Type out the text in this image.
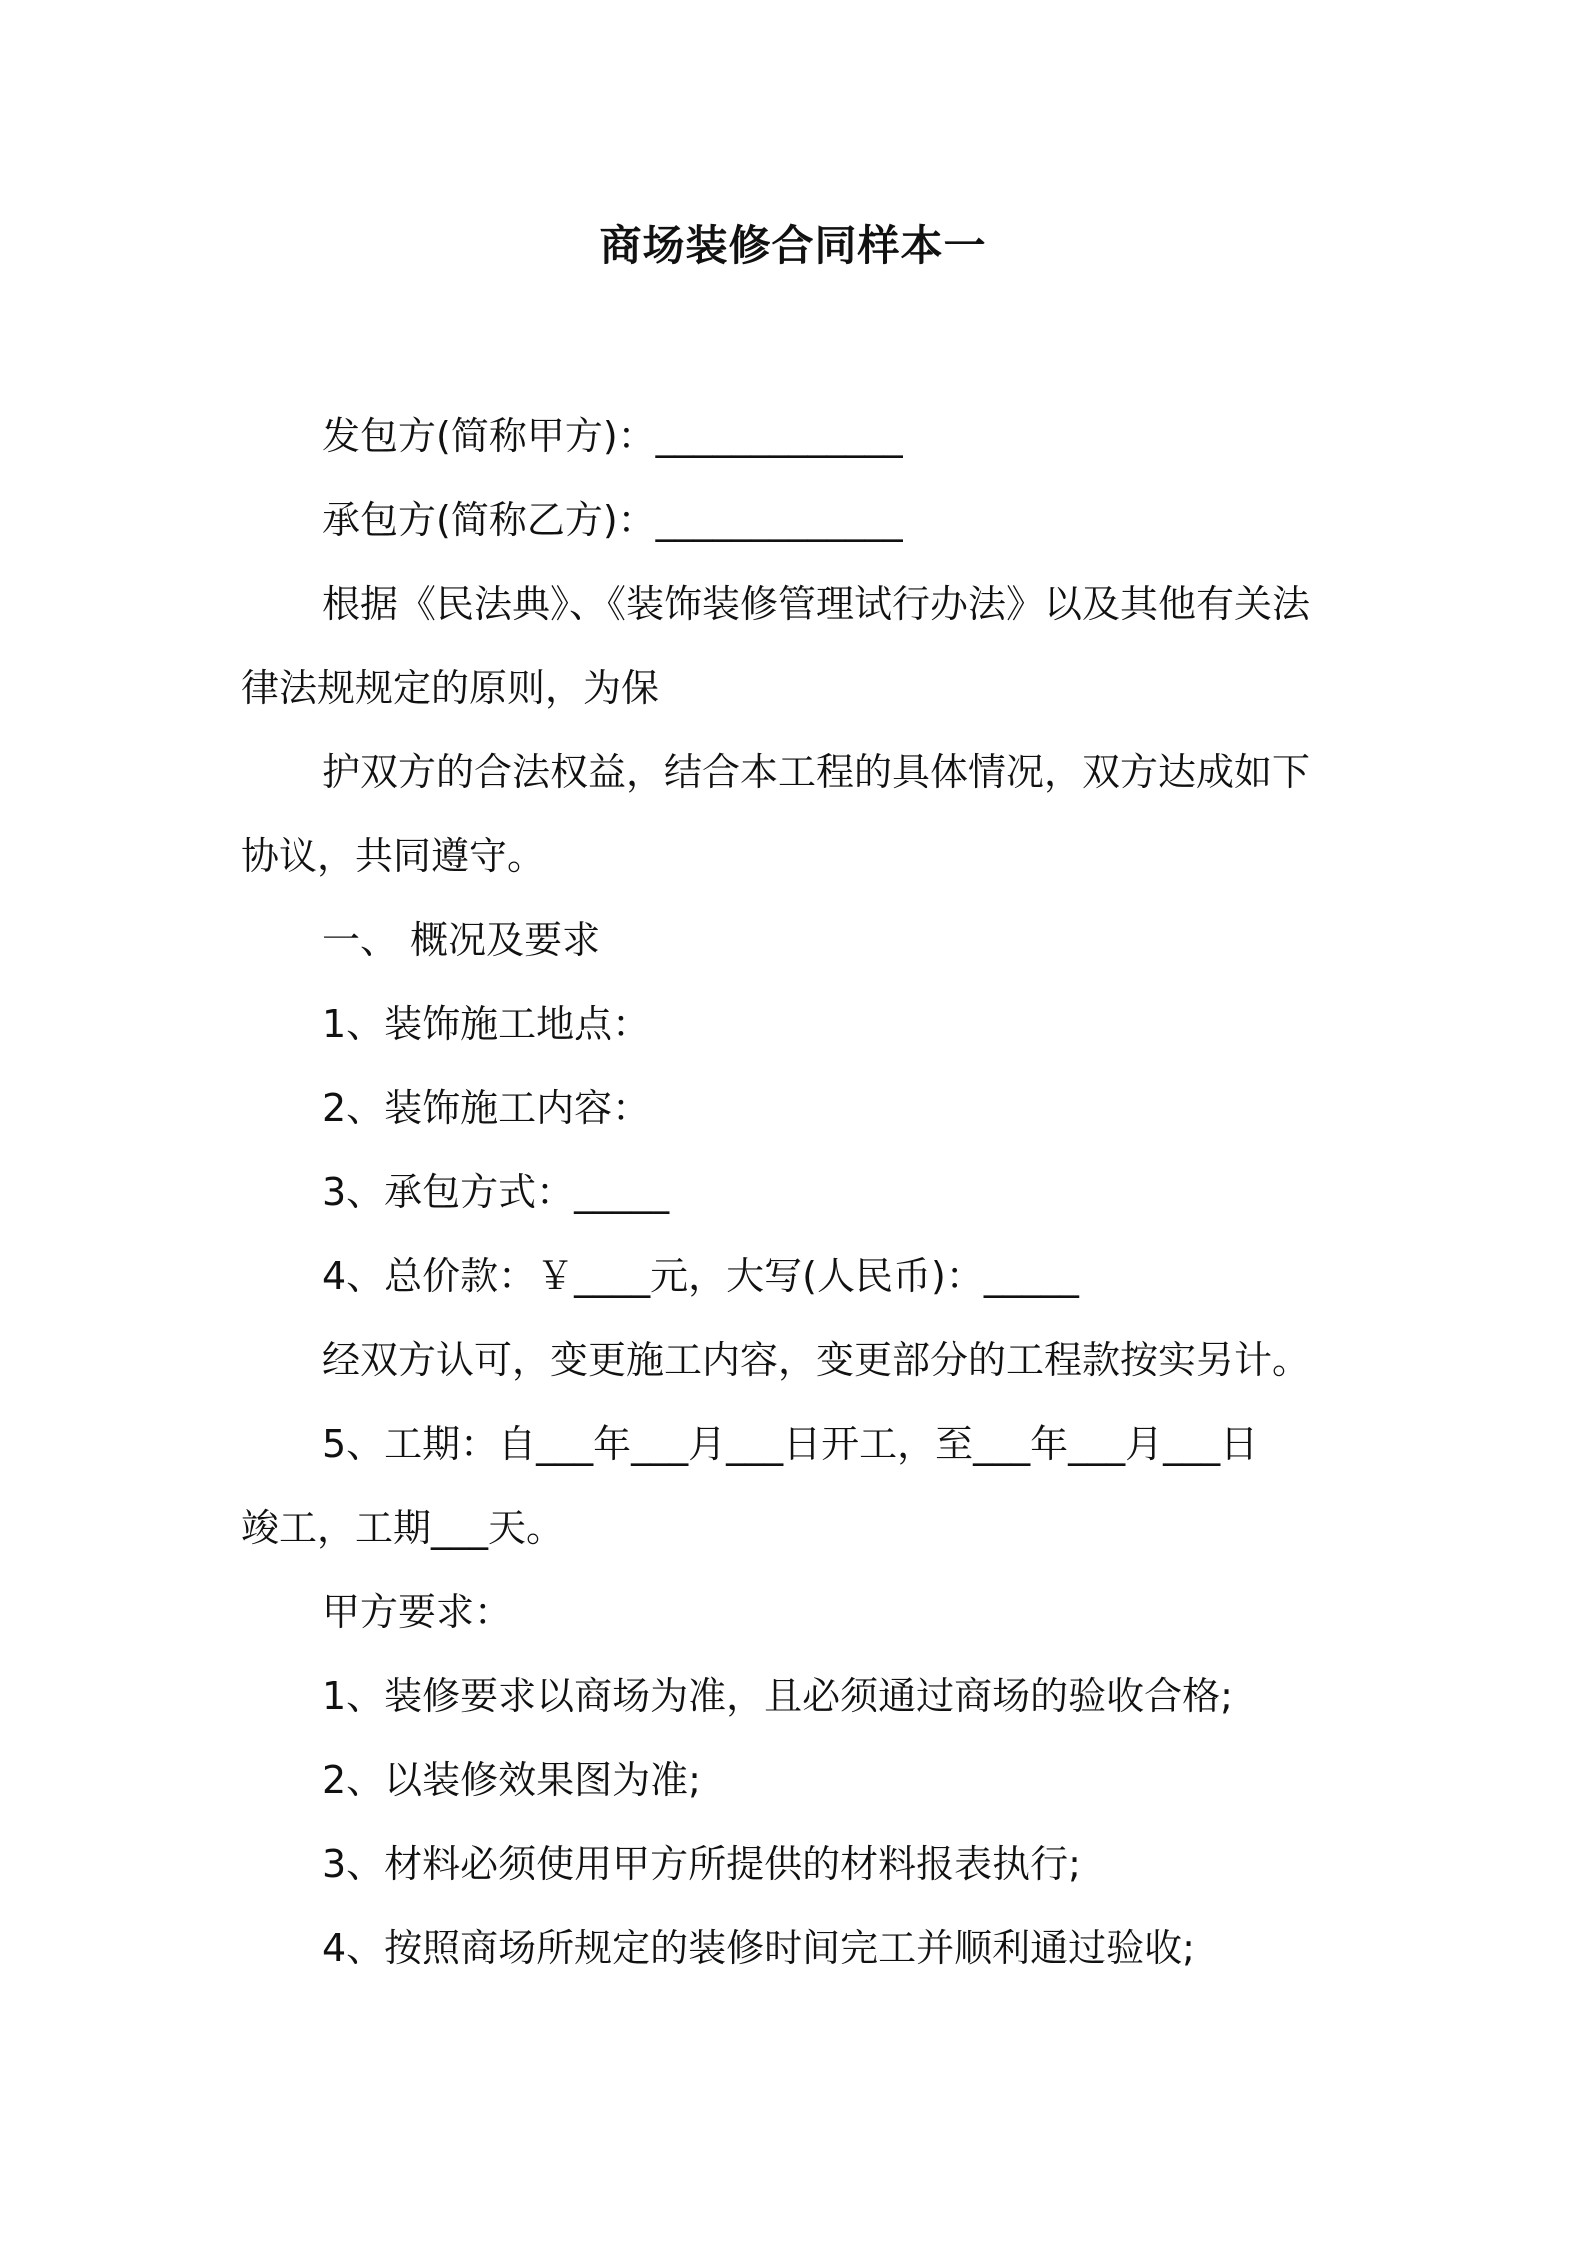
商场装修合同样本一
发包方(简称甲方)：_____________
承包方(简称乙方)：_____________
根据《民法典》、《装饰装修管理试行办法》以及其他有关法
律法规规定的原则，为保
护双方的合法权益，结合本工程的具体情况，双方达成如下
协议，共同遵守。
一、 概况及要求
1、装饰施工地点：
2、装饰施工内容：
3、承包方式：_____
4、总价款：￥____元，大写(人民币)：_____
经双方认可，变更施工内容，变更部分的工程款按实另计。
5、工期：自___年___月___日开工，至___年___月___日
竣工，工期___天。
甲方要求：
1、装修要求以商场为准，且必须通过商场的验收合格;
2、以装修效果图为准;
3、材料必须使用甲方所提供的材料报表执行;
4、按照商场所规定的装修时间完工并顺利通过验收;
